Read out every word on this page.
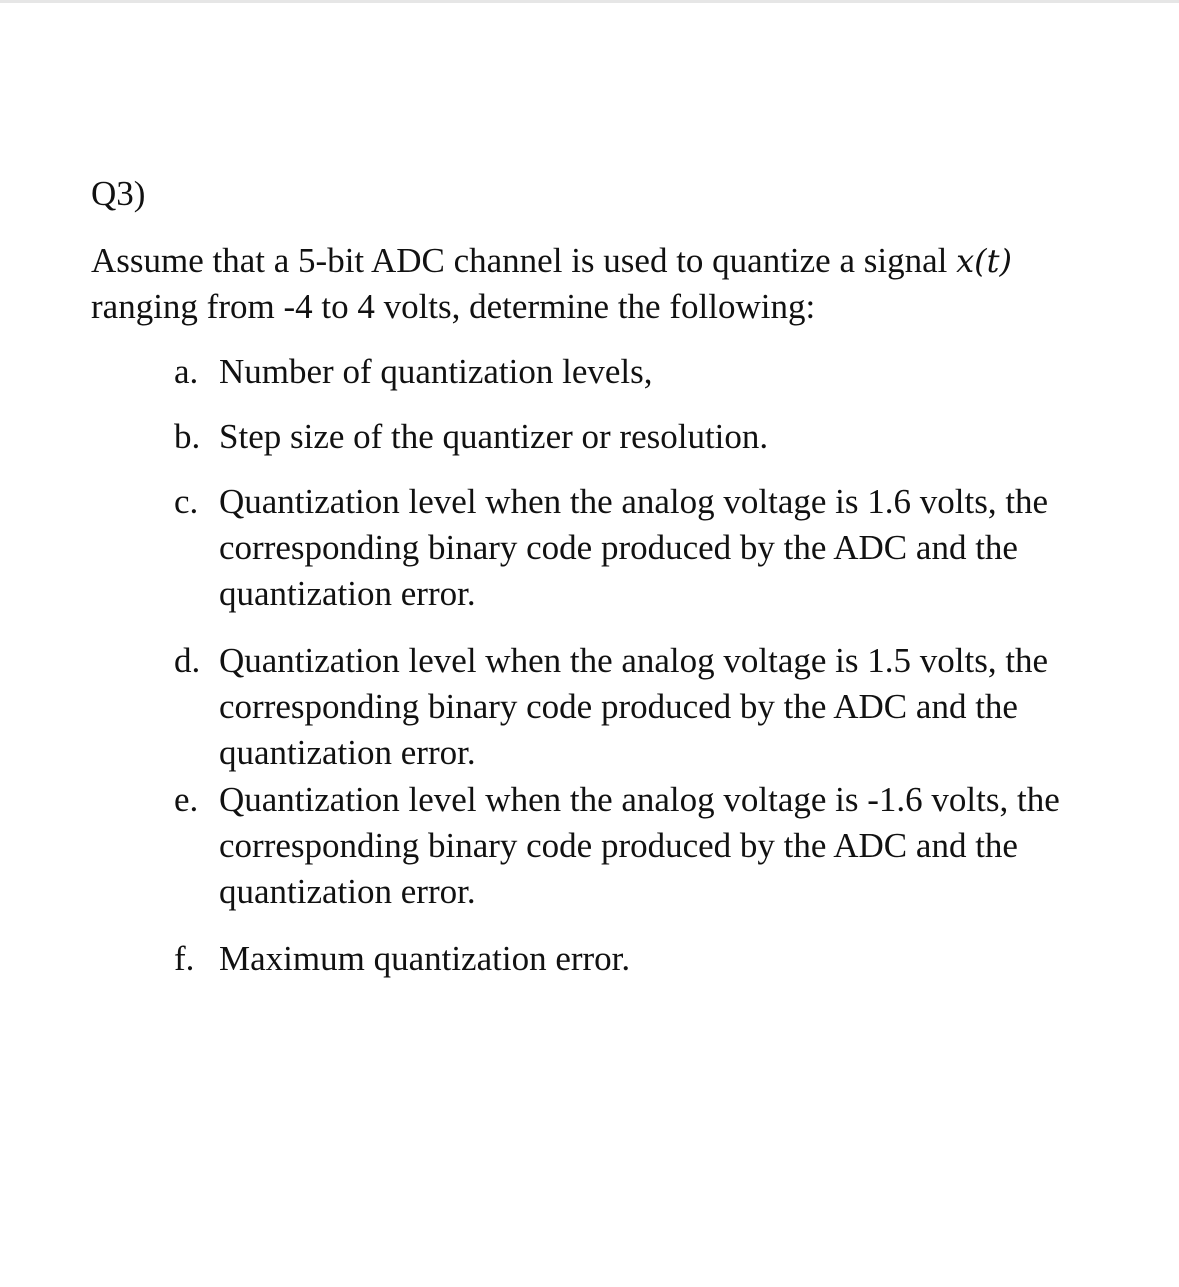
Q3)
Assume that a 5-bit ADC channel is used to quantize a signal x(t)
ranging from -4 to 4 volts, determine the following:
a. Number of quantization levels,
b. Step size of the quantizer or resolution.
c. Quantization level when the analog voltage is 1.6 volts, the
corresponding binary code produced by the ADC and the
quantization error.
d. Quantization level when the analog voltage is 1.5 volts, the
corresponding binary code produced by the ADC and the
quantization error.
e. Quantization level when the analog voltage is -1.6 volts, the
corresponding binary code produced by the ADC and the
quantization error.
f. Maximum quantization error.
